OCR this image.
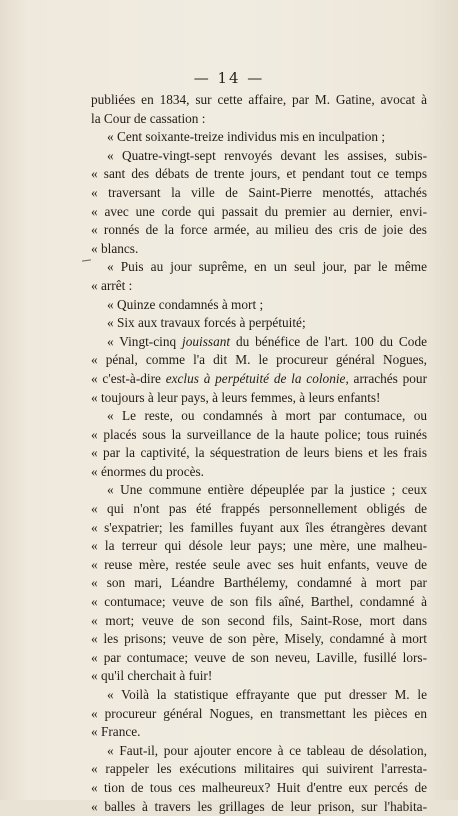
— 14 —
publiées en 1834, sur cette affaire, par M. Gatine, avocat à
la Cour de cassation :
« Cent soixante-treize individus mis en inculpation ;
« Quatre-vingt-sept renvoyés devant les assises, subis-
« sant des débats de trente jours, et pendant tout ce temps
« traversant la ville de Saint-Pierre menottés, attachés
« avec une corde qui passait du premier au dernier, envi-
« ronnés de la force armée, au milieu des cris de joie des
« blancs.
« Puis au jour suprême, en un seul jour, par le même
« arrêt :
« Quinze condamnés à mort ;
« Six aux travaux forcés à perpétuité;
« Vingt-cinq jouissant du bénéfice de l'art. 100 du Code
« pénal, comme l'a dit M. le procureur général Nogues,
« c'est-à-dire exclus à perpétuité de la colonie, arrachés pour
« toujours à leur pays, à leurs femmes, à leurs enfants!
« Le reste, ou condamnés à mort par contumace, ou
« placés sous la surveillance de la haute police; tous ruinés
« par la captivité, la séquestration de leurs biens et les frais
« énormes du procès.
« Une commune entière dépeuplée par la justice ; ceux
« qui n'ont pas été frappés personnellement obligés de
« s'expatrier; les familles fuyant aux îles étrangères devant
« la terreur qui désole leur pays; une mère, une malheu-
« reuse mère, restée seule avec ses huit enfants, veuve de
« son mari, Léandre Barthélemy, condamné à mort par
« contumace; veuve de son fils aîné, Barthel, condamné à
« mort; veuve de son second fils, Saint-Rose, mort dans
« les prisons; veuve de son père, Misely, condamné à mort
« par contumace; veuve de son neveu, Laville, fusillé lors-
« qu'il cherchait à fuir!
« Voilà la statistique effrayante que put dresser M. le
« procureur général Nogues, en transmettant les pièces en
« France.
« Faut-il, pour ajouter encore à ce tableau de désolation,
« rappeler les exécutions militaires qui suivirent l'arresta-
« tion de tous ces malheureux? Huit d'entre eux percés de
« balles à travers les grillages de leur prison, sur l'habita-
